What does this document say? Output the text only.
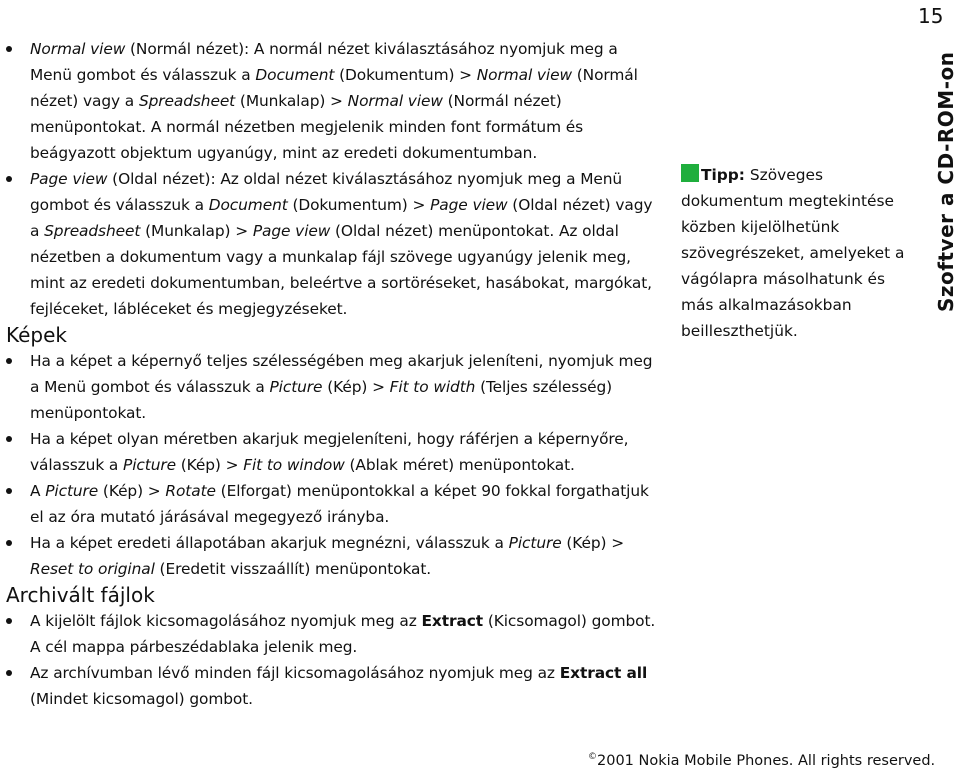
15
Szoftver a CD-ROM-on
Normal view (Normál nézet): A normál nézet kiválasztásához nyomjuk meg a Menü gombot és válasszuk a Document (Dokumentum) > Normal view (Normál nézet) vagy a Spreadsheet (Munkalap) > Normal view (Normál nézet) menüpontokat. A normál nézetben megjelenik minden font formátum és beágyazott objektum ugyanúgy, mint az eredeti dokumentumban.
Page view (Oldal nézet): Az oldal nézet kiválasztásához nyomjuk meg a Menü gombot és válasszuk a Document (Dokumentum) > Page view (Oldal nézet) vagy a Spreadsheet (Munkalap) > Page view (Oldal nézet) menüpontokat. Az oldal nézetben a dokumentum vagy a munkalap fájl szövege ugyanúgy jelenik meg, mint az eredeti dokumentumban, beleértve a sortöréseket, hasábokat, margókat, fejléceket, lábléceket és megjegyzéseket.
Képek
Ha a képet a képernyő teljes szélességében meg akarjuk jeleníteni, nyomjuk meg a Menü gombot és válasszuk a Picture (Kép) > Fit to width (Teljes szélesség) menüpontokat.
Ha a képet olyan méretben akarjuk megjeleníteni, hogy ráférjen a képernyőre, válasszuk a Picture (Kép) > Fit to window (Ablak méret) menüpontokat.
A Picture (Kép) > Rotate (Elforgat) menüpontokkal a képet 90 fokkal forgathatjuk el az óra mutató járásával megegyező irányba.
Ha a képet eredeti állapotában akarjuk megnézni, válasszuk a Picture (Kép) > Reset to original (Eredetit visszaállít) menüpontokat.
Archivált fájlok
A kijelölt fájlok kicsomagolásához nyomjuk meg az Extract (Kicsomagol) gombot. A cél mappa párbeszédablaka jelenik meg.
Az archívumban lévő minden fájl kicsomagolásához nyomjuk meg az Extract all (Mindet kicsomagol) gombot.
Tipp: Szöveges dokumentum megtekintése közben kijelölhetünk szövegrészeket, amelyeket a vágólapra másolhatunk és más alkalmazásokban beilleszthetjük.
©2001 Nokia Mobile Phones. All rights reserved.
